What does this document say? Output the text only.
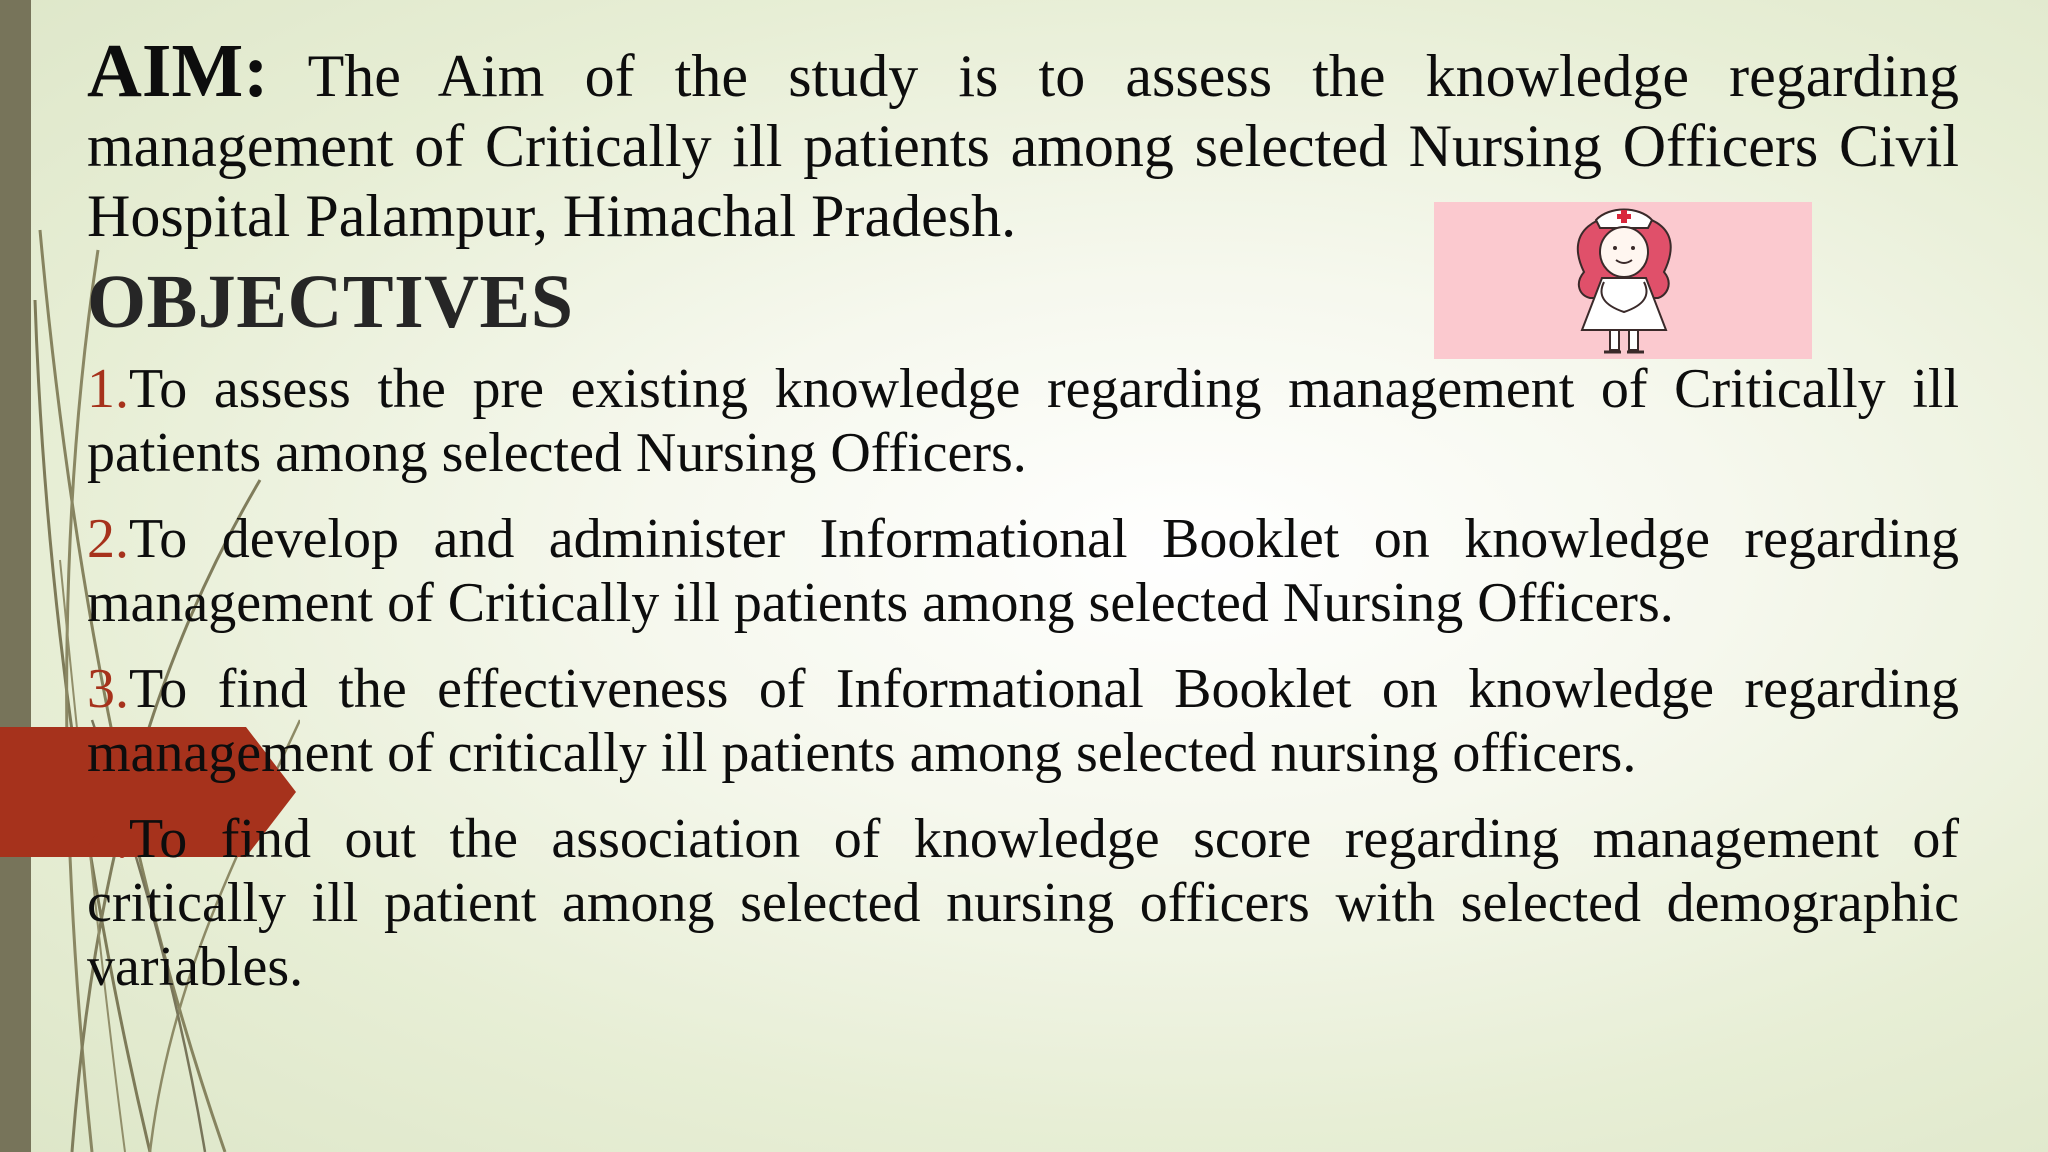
AIM: The Aim of the study is to assess the knowledge regarding management of Critically ill patients among selected Nursing Officers Civil Hospital Palampur, Himachal Pradesh.

OBJECTIVES
1.To assess the pre existing knowledge regarding management of Critically ill patients among selected Nursing Officers.
2.To develop and administer Informational Booklet on knowledge regarding management of Critically ill patients among selected Nursing Officers.
3.To find the effectiveness of Informational Booklet on knowledge regarding management of critically ill patients among selected nursing officers.
4.To find out the association of knowledge score regarding management of critically ill patient among selected nursing officers with selected demographic variables.
